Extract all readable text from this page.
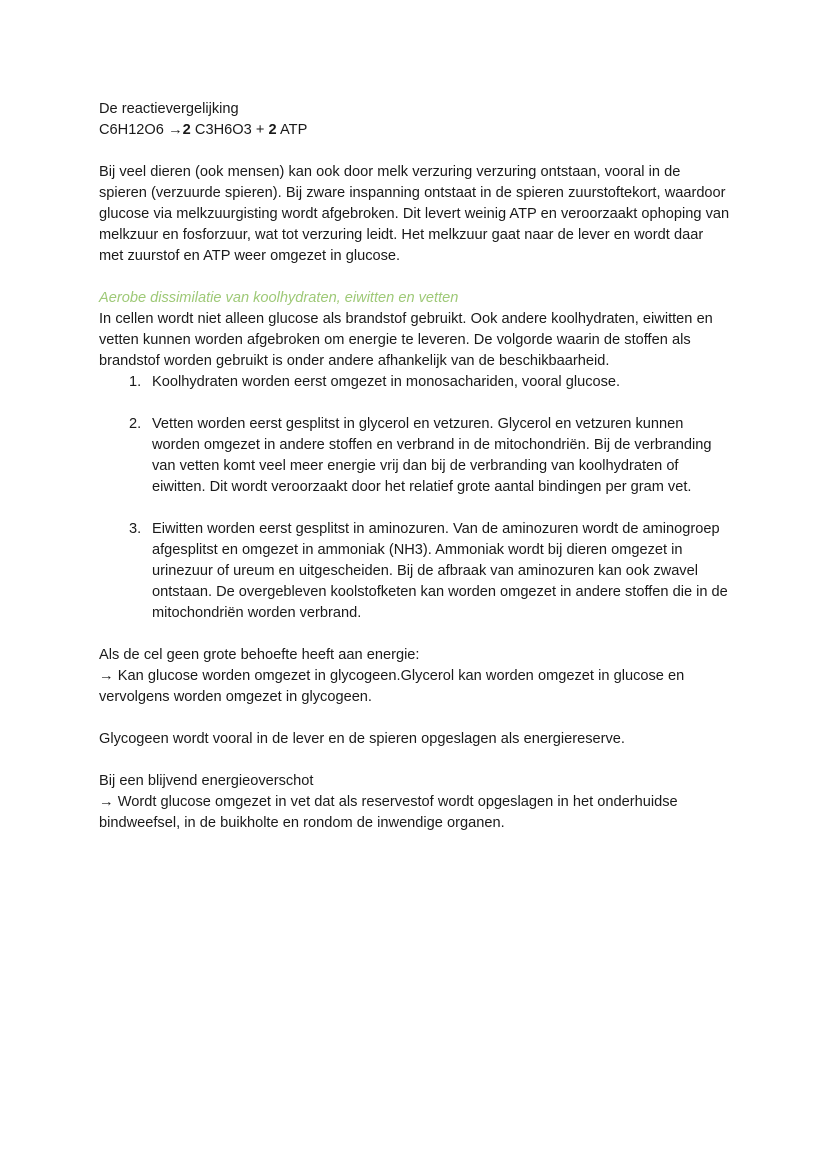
De reactievergelijking

C6H12O6 →2 C3H6O3 + 2 ATP

Bij veel dieren (ook mensen) kan ook door melk verzuring verzuring ontstaan, vooral in de spieren (verzuurde spieren). Bij zware inspanning ontstaat in de spieren zuurstoftekort, waardoor glucose via melkzuurgisting wordt afgebroken. Dit levert weinig ATP en veroorzaakt ophoping van melkzuur en fosforzuur, wat tot verzuring leidt. Het melkzuur gaat naar de lever en wordt daar met zuurstof en ATP weer omgezet in glucose.

Aerobe dissimilatie van koolhydraten, eiwitten en vetten

In cellen wordt niet alleen glucose als brandstof gebruikt. Ook andere koolhydraten, eiwitten en vetten kunnen worden afgebroken om energie te leveren. De volgorde waarin de stoffen als brandstof worden gebruikt is onder andere afhankelijk van de beschikbaarheid.

1. Koolhydraten worden eerst omgezet in monosachariden, vooral glucose.
2. Vetten worden eerst gesplitst in glycerol en vetzuren. Glycerol en vetzuren kunnen worden omgezet in andere stoffen en verbrand in de mitochondriën. Bij de verbranding van vetten komt veel meer energie vrij dan bij de verbranding van koolhydraten of eiwitten. Dit wordt veroorzaakt door het relatief grote aantal bindingen per gram vet.
3. Eiwitten worden eerst gesplitst in aminozuren. Van de aminozuren wordt de aminogroep afgesplitst en omgezet in ammoniak (NH3). Ammoniak wordt bij dieren omgezet in urinezuur of ureum en uitgescheiden. Bij de afbraak van aminozuren kan ook zwavel ontstaan. De overgebleven koolstofketen kan worden omgezet in andere stoffen die in de mitochondriën worden verbrand.

Als de cel geen grote behoefte heeft aan energie:

→ Kan glucose worden omgezet in glycogeen.Glycerol kan worden omgezet in glucose en vervolgens worden omgezet in glycogeen.

Glycogeen wordt vooral in de lever en de spieren opgeslagen als energiereserve.

Bij een blijvend energieoverschot

→ Wordt glucose omgezet in vet dat als reservestof wordt opgeslagen in het onderhuidse bindweefsel, in de buikholte en rondom de inwendige organen.
